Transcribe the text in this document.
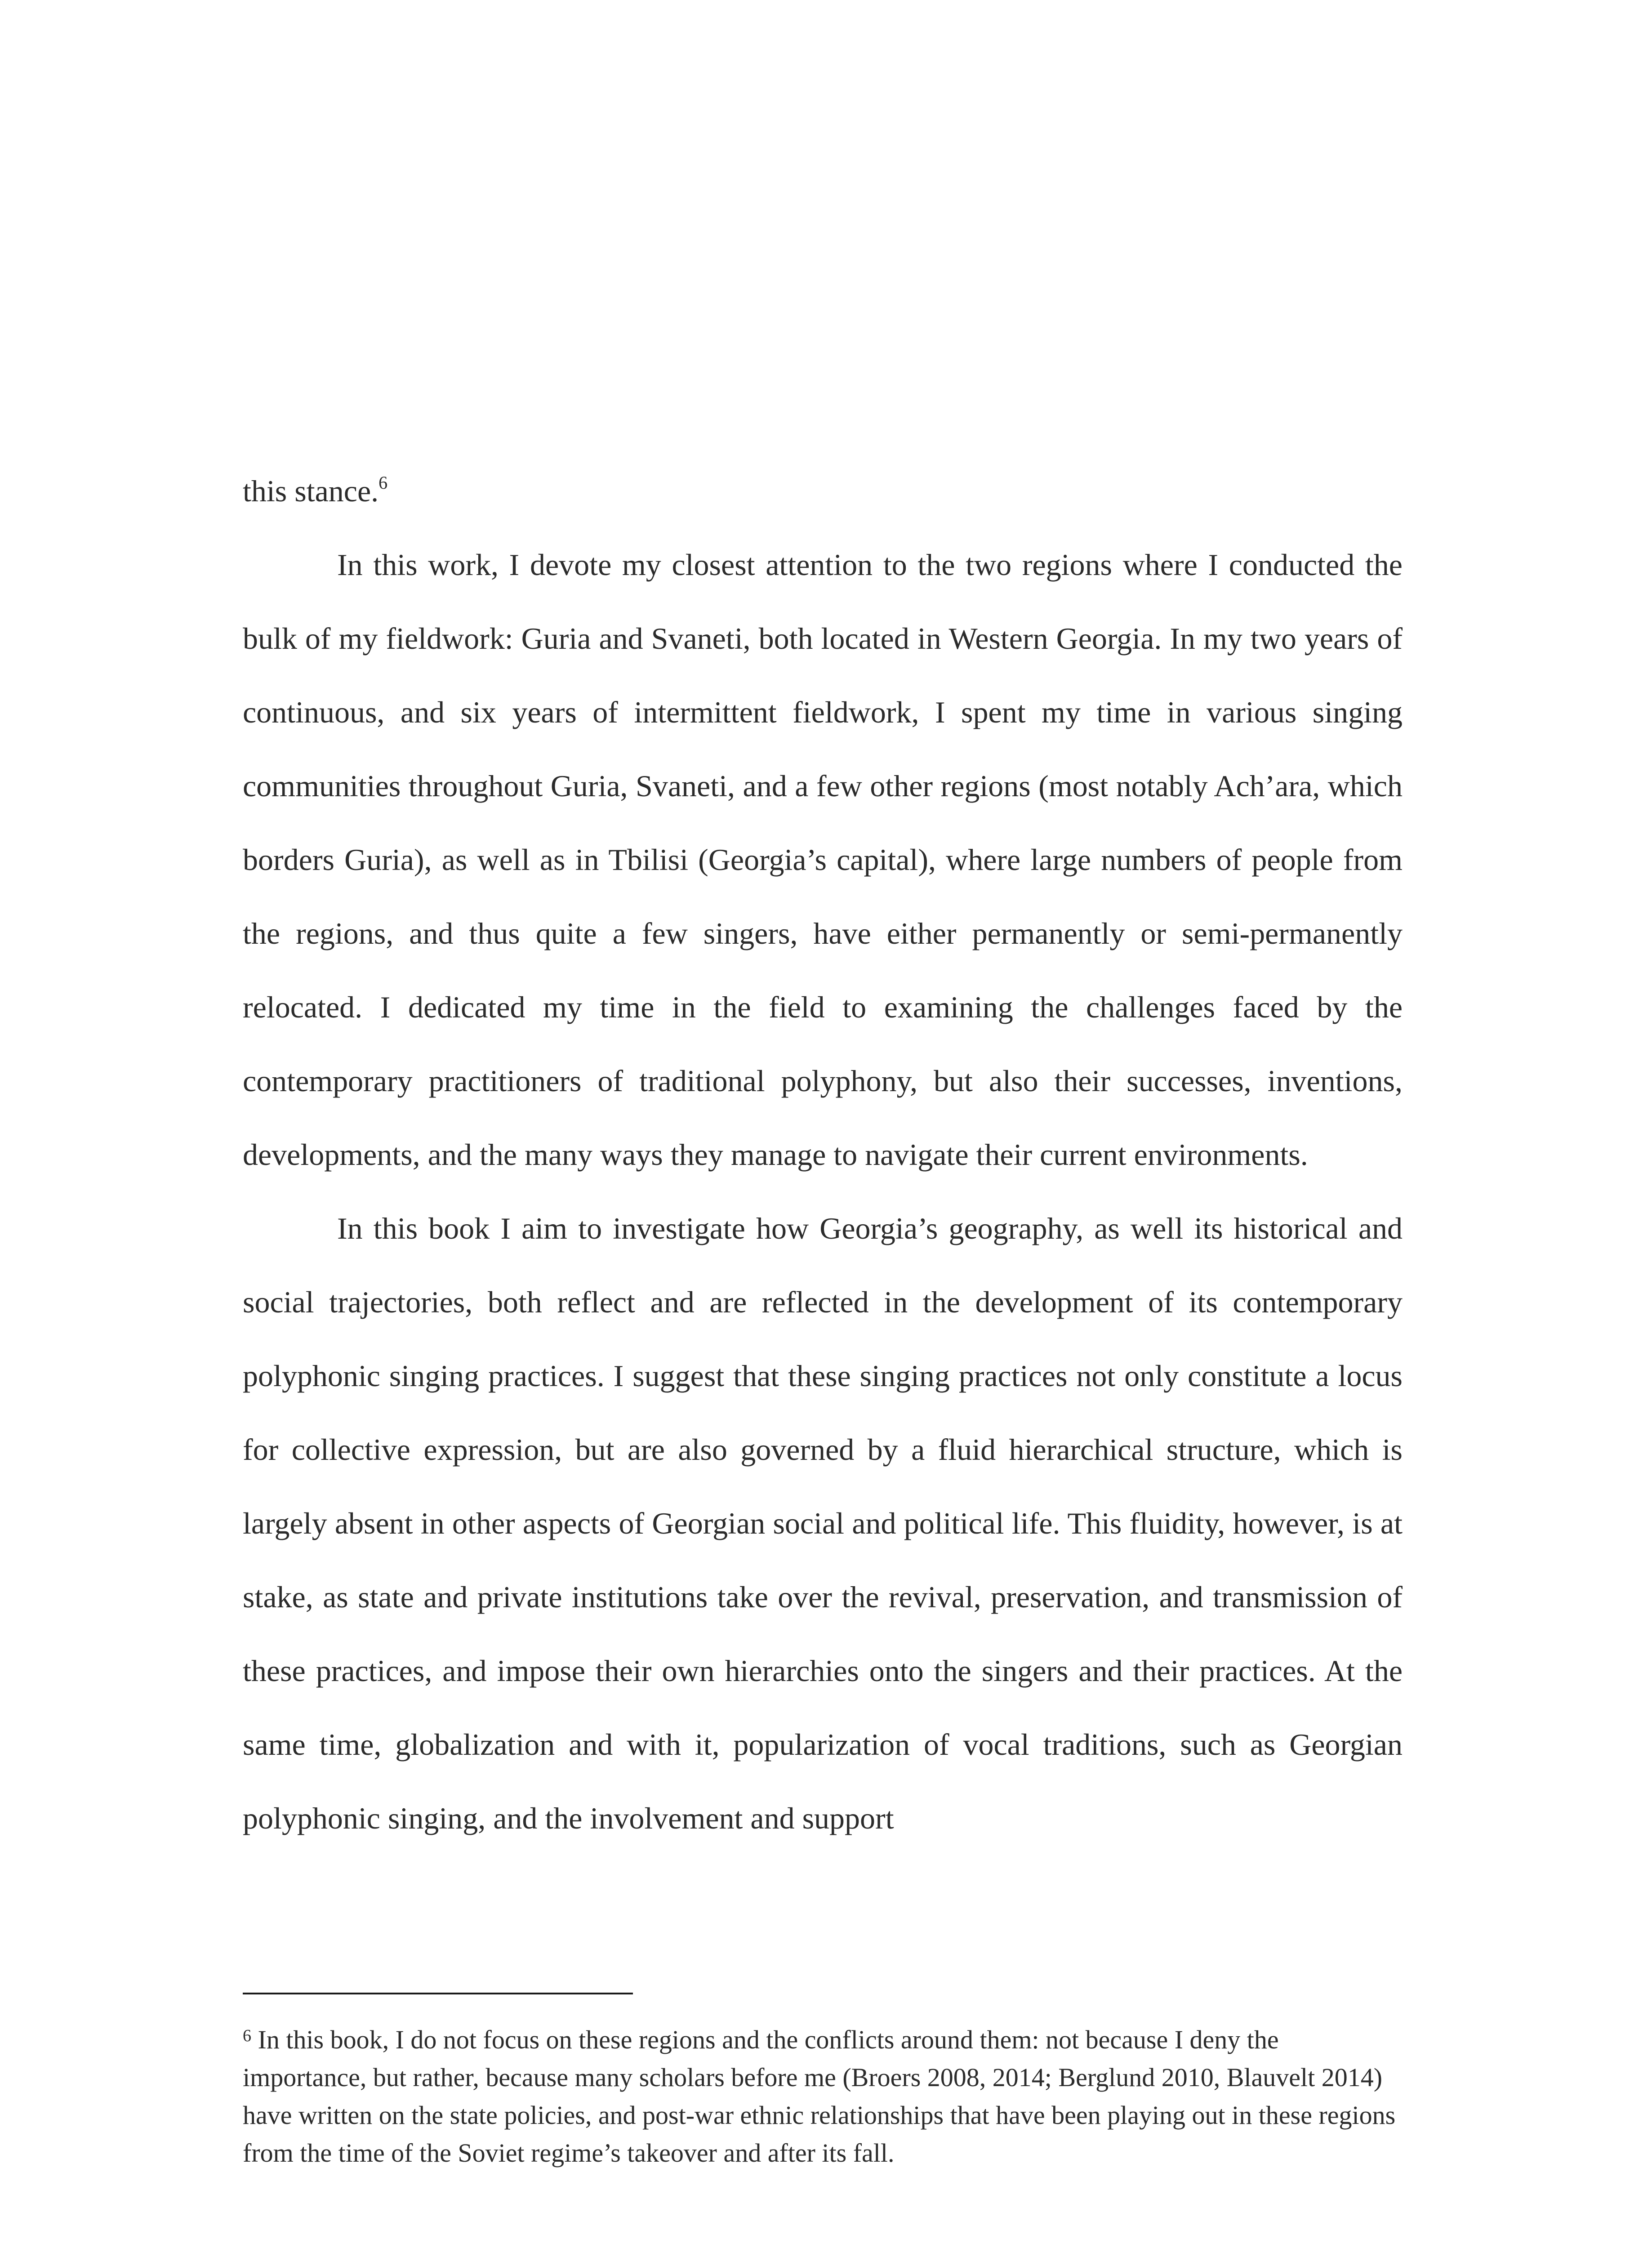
this stance.$^6$

In this work, I devote my closest attention to the two regions where I conducted the bulk of my fieldwork: Guria and Svaneti, both located in Western Georgia. In my two years of continuous, and six years of intermittent fieldwork, I spent my time in various singing communities throughout Guria, Svaneti, and a few other regions (most notably Ach’ara, which borders Guria), as well as in Tbilisi (Georgia’s capital), where large numbers of people from the regions, and thus quite a few singers, have either permanently or semi-permanently relocated. I dedicated my time in the field to examining the challenges faced by the contemporary practitioners of traditional polyphony, but also their successes, inventions, developments, and the many ways they manage to navigate their current environments.

In this book I aim to investigate how Georgia’s geography, as well its historical and social trajectories, both reflect and are reflected in the development of its contemporary polyphonic singing practices. I suggest that these singing practices not only constitute a locus for collective expression, but are also governed by a fluid hierarchical structure, which is largely absent in other aspects of Georgian social and political life. This fluidity, however, is at stake, as state and private institutions take over the revival, preservation, and transmission of these practices, and impose their own hierarchies onto the singers and their practices. At the same time, globalization and with it, popularization of vocal traditions, such as Georgian polyphonic singing, and the involvement and support

$^6$ In this book, I do not focus on these regions and the conflicts around them: not because I deny the importance, but rather, because many scholars before me (Broers 2008, 2014; Berglund 2010, Blauvelt 2014) have written on the state policies, and post-war ethnic relationships that have been playing out in these regions from the time of the Soviet regime’s takeover and after its fall.
